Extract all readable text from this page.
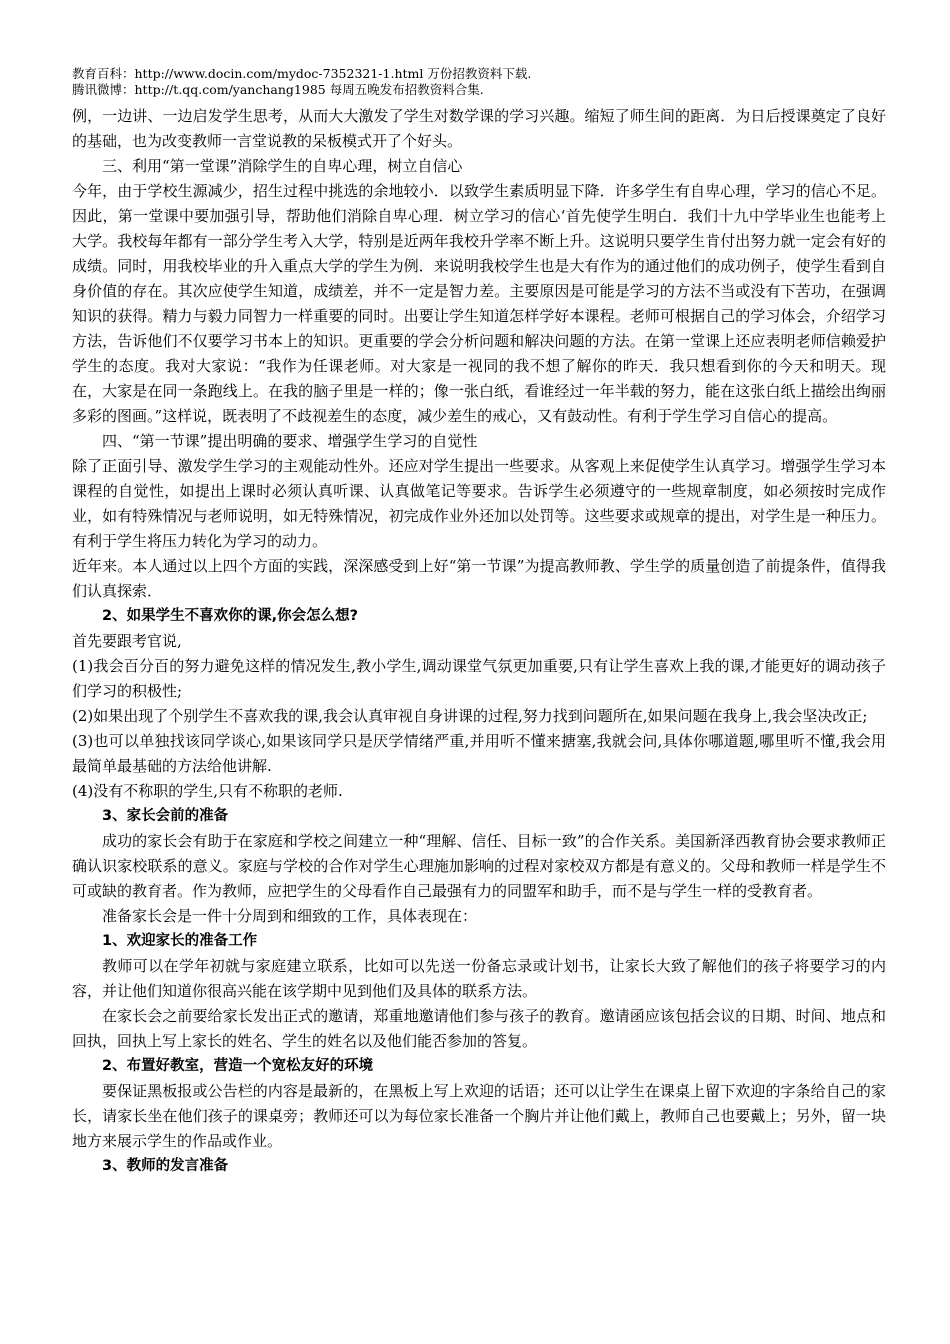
教育百科：http://www.docin.com/mydoc-7352321-1.html 万份招教资料下载.
腾讯微博：http://t.qq.com/yanchang1985 每周五晚发布招教资料合集.

例，一边讲、一边启发学生思考，从而大大激发了学生对数学课的学习兴趣。缩短了师生间的距离．为日后授课奠定了良好的基础，也为改变教师一言堂说教的呆板模式开了个好头。

三、利用“第一堂课”消除学生的自卑心理，树立自信心

今年，由于学校生源减少，招生过程中挑选的余地较小．以致学生素质明显下降．许多学生有自卑心理，学习的信心不足。因此，第一堂课中要加强引导，帮助他们消除自卑心理．树立学习的信心‘首先使学生明白．我们十九中学毕业生也能考上大学。我校每年都有一部分学生考入大学，特别是近两年我校升学率不断上升。这说明只要学生肯付出努力就一定会有好的成绩。同时，用我校毕业的升入重点大学的学生为例．来说明我校学生也是大有作为的通过他们的成功例子，使学生看到自身价值的存在。其次应使学生知道，成绩差，并不一定是智力差。主要原因是可能是学习的方法不当或没有下苦功，在强调知识的获得。精力与毅力同智力一样重要的同时。出要让学生知道怎样学好本课程。老师可根据自己的学习体会，介绍学习方法，告诉他们不仅要学习书本上的知识。更重要的学会分析问题和解决问题的方法。在第一堂课上还应表明老师信赖爱护学生的态度。我对大家说：“我作为任课老师。对大家是一视同的我不想了解你的昨天．我只想看到你的今天和明天。现在，大家是在同一条跑线上。在我的脑子里是一样的；像一张白纸，看谁经过一年半载的努力，能在这张白纸上描绘出绚丽多彩的图画。”这样说，既表明了不歧视差生的态度，减少差生的戒心，又有鼓动性。有利于学生学习自信心的提高。

四、“第一节课”提出明确的要求、增强学生学习的自觉性

除了正面引导、激发学生学习的主观能动性外。还应对学生提出一些要求。从客观上来促使学生认真学习。增强学生学习本课程的自觉性，如提出上课时必须认真听课、认真做笔记等要求。告诉学生必须遵守的一些规章制度，如必须按时完成作业，如有特殊情况与老师说明，如无特殊情况，初完成作业外还加以处罚等。这些要求或规章的提出，对学生是一种压力。有利于学生将压力转化为学习的动力。

近年来。本人通过以上四个方面的实践，深深感受到上好“第一节课”为提高教师教、学生学的质量创造了前提条件，值得我们认真探索．

2、如果学生不喜欢你的课,你会怎么想?

首先要跟考官说,

(1)我会百分百的努力避免这样的情况发生,教小学生,调动课堂气氛更加重要,只有让学生喜欢上我的课,才能更好的调动孩子们学习的积极性;

(2)如果出现了个别学生不喜欢我的课,我会认真审视自身讲课的过程,努力找到问题所在,如果问题在我身上,我会坚决改正;

(3)也可以单独找该同学谈心,如果该同学只是厌学情绪严重,并用听不懂来搪塞,我就会问,具体你哪道题,哪里听不懂,我会用最简单最基础的方法给他讲解.

(4)没有不称职的学生,只有不称职的老师.

3、家长会前的准备

成功的家长会有助于在家庭和学校之间建立一种“理解、信任、目标一致”的合作关系。美国新泽西教育协会要求教师正确认识家校联系的意义。家庭与学校的合作对学生心理施加影响的过程对家校双方都是有意义的。父母和教师一样是学生不可或缺的教育者。作为教师，应把学生的父母看作自己最强有力的同盟军和助手，而不是与学生一样的受教育者。

准备家长会是一件十分周到和细致的工作，具体表现在：

1、欢迎家长的准备工作

教师可以在学年初就与家庭建立联系，比如可以先送一份备忘录或计划书，让家长大致了解他们的孩子将要学习的内容，并让他们知道你很高兴能在该学期中见到他们及具体的联系方法。

在家长会之前要给家长发出正式的邀请，郑重地邀请他们参与孩子的教育。邀请函应该包括会议的日期、时间、地点和回执，回执上写上家长的姓名、学生的姓名以及他们能否参加的答复。

2、布置好教室，营造一个宽松友好的环境

要保证黑板报或公告栏的内容是最新的，在黑板上写上欢迎的话语；还可以让学生在课桌上留下欢迎的字条给自己的家长，请家长坐在他们孩子的课桌旁；教师还可以为每位家长准备一个胸片并让他们戴上，教师自己也要戴上；另外，留一块地方来展示学生的作品或作业。

3、教师的发言准备
